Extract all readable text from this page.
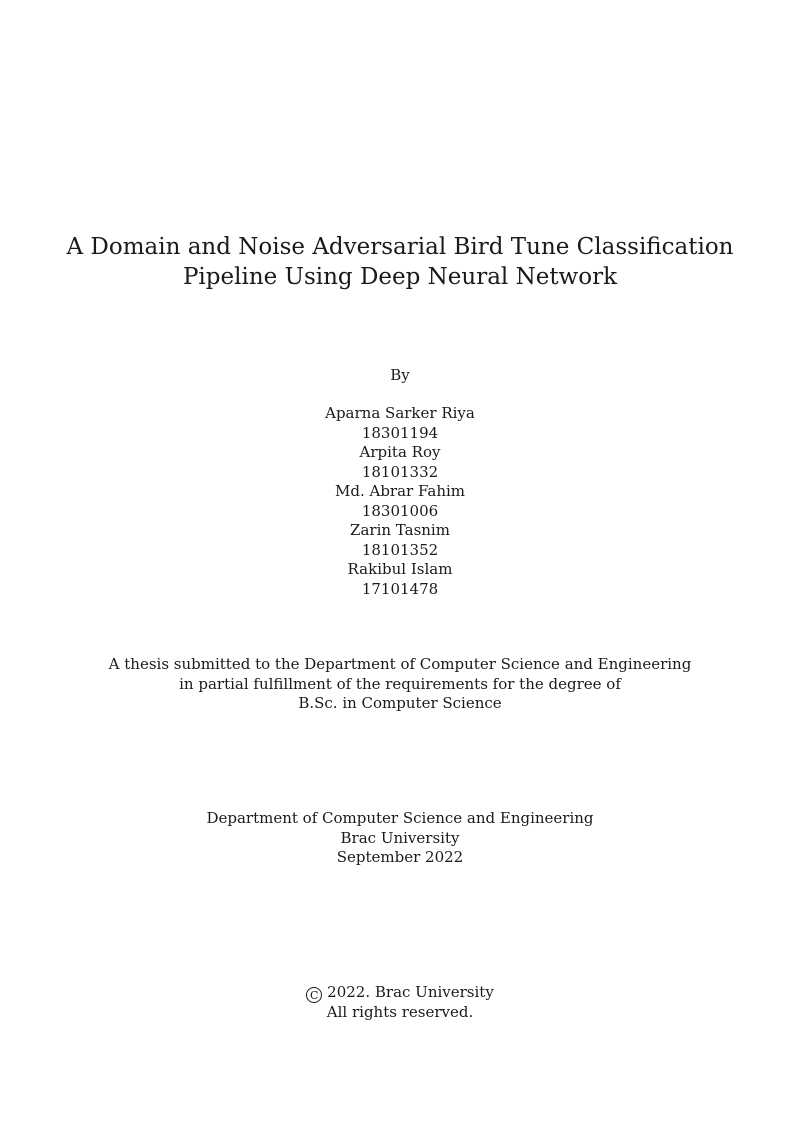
A Domain and Noise Adversarial Bird Tune Classification
Pipeline Using Deep Neural Network
By
Aparna Sarker Riya
18301194
Arpita Roy
18101332
Md. Abrar Fahim
18301006
Zarin Tasnim
18101352
Rakibul Islam
17101478
A thesis submitted to the Department of Computer Science and Engineering
in partial fulfillment of the requirements for the degree of
B.Sc. in Computer Science
Department of Computer Science and Engineering
Brac University
September 2022
C 2022. Brac University
All rights reserved.
